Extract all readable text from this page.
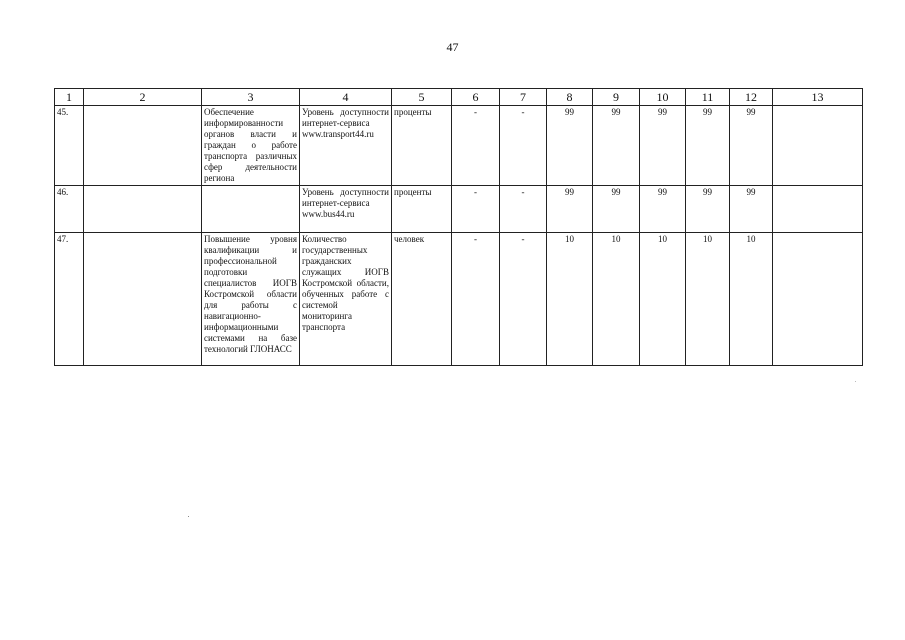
47
1	2	3	4	5	6	7	8	9	10	11	12	13
45.		Обеспечение информированности органов власти и граждан о работе транспорта различных сфер деятельности региона	Уровень доступности интернет-сервиса www.transport44.ru	проценты	-	-	99	99	99	99	99	
46.			Уровень доступности интернет-сервиса www.bus44.ru	проценты	-	-	99	99	99	99	99	
47.		Повышение уровня квалификации и профессиональной подготовки специалистов ИОГВ Костромской области для работы с навигационно-информационными системами на базе технологий ГЛОНАСС	Количество государственных гражданских служащих ИОГВ Костромской области, обученных работе с системой мониторинга транспорта	человек	-	-	10	10	10	10	10	
